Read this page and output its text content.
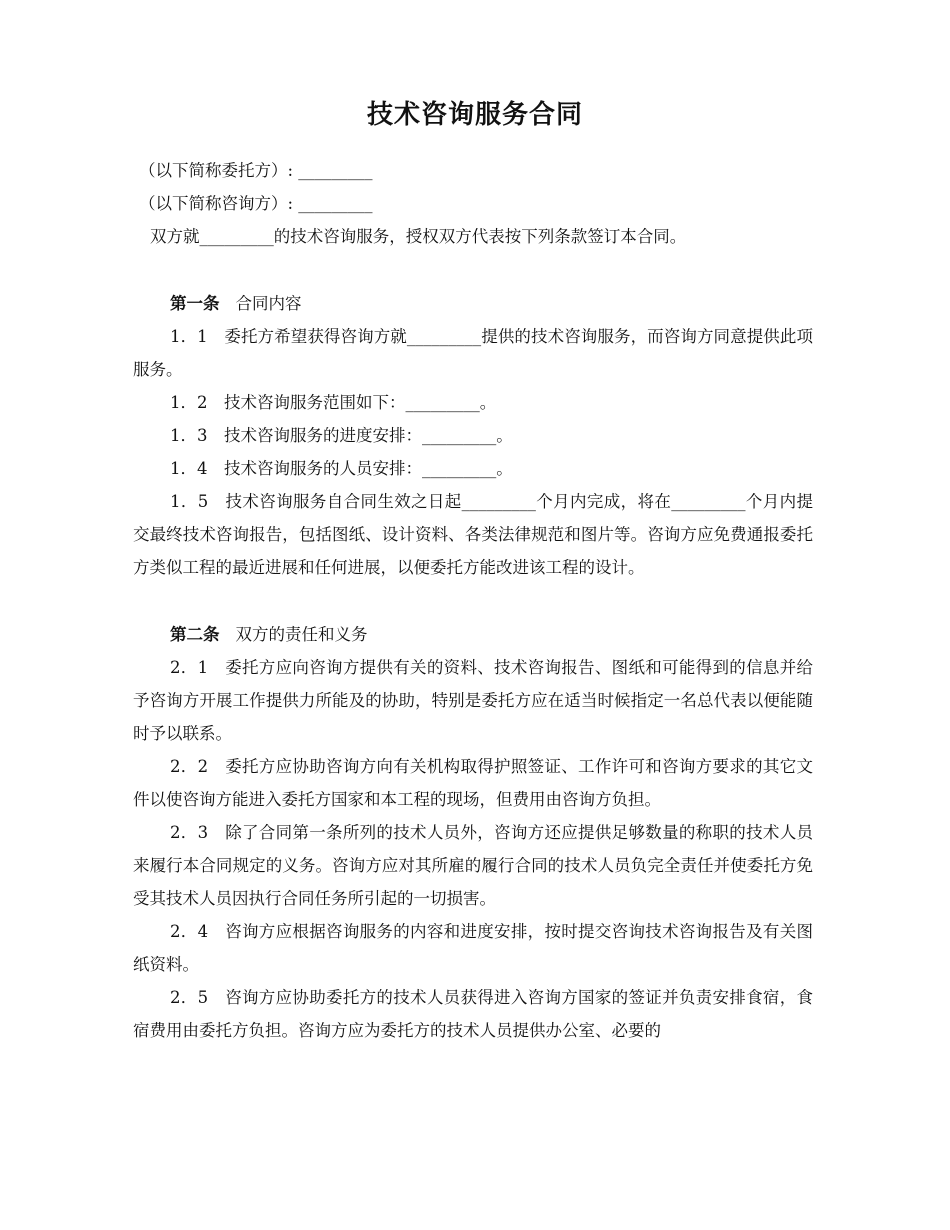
技术咨询服务合同
（以下简称委托方）: _________
（以下简称咨询方）: _________
双方就_________的技术咨询服务，授权双方代表按下列条款签订本合同。
第一条 合同内容
1．1　委托方希望获得咨询方就_________提供的技术咨询服务，而咨询方同意提供此项服务。
1．2　技术咨询服务范围如下：_________。
1．3　技术咨询服务的进度安排：_________。
1．4　技术咨询服务的人员安排：_________。
1．5　技术咨询服务自合同生效之日起_________个月内完成，将在_________个月内提交最终技术咨询报告，包括图纸、设计资料、各类法律规范和图片等。咨询方应免费通报委托方类似工程的最近进展和任何进展，以便委托方能改进该工程的设计。
第二条 双方的责任和义务
2．1　委托方应向咨询方提供有关的资料、技术咨询报告、图纸和可能得到的信息并给予咨询方开展工作提供力所能及的协助，特别是委托方应在适当时候指定一名总代表以便能随时予以联系。
2．2　委托方应协助咨询方向有关机构取得护照签证、工作许可和咨询方要求的其它文件以使咨询方能进入委托方国家和本工程的现场，但费用由咨询方负担。
2．3　除了合同第一条所列的技术人员外，咨询方还应提供足够数量的称职的技术人员来履行本合同规定的义务。咨询方应对其所雇的履行合同的技术人员负完全责任并使委托方免受其技术人员因执行合同任务所引起的一切损害。
2．4　咨询方应根据咨询服务的内容和进度安排，按时提交咨询技术咨询报告及有关图纸资料。
2．5　咨询方应协助委托方的技术人员获得进入咨询方国家的签证并负责安排食宿，食宿费用由委托方负担。咨询方应为委托方的技术人员提供办公室、必要的
